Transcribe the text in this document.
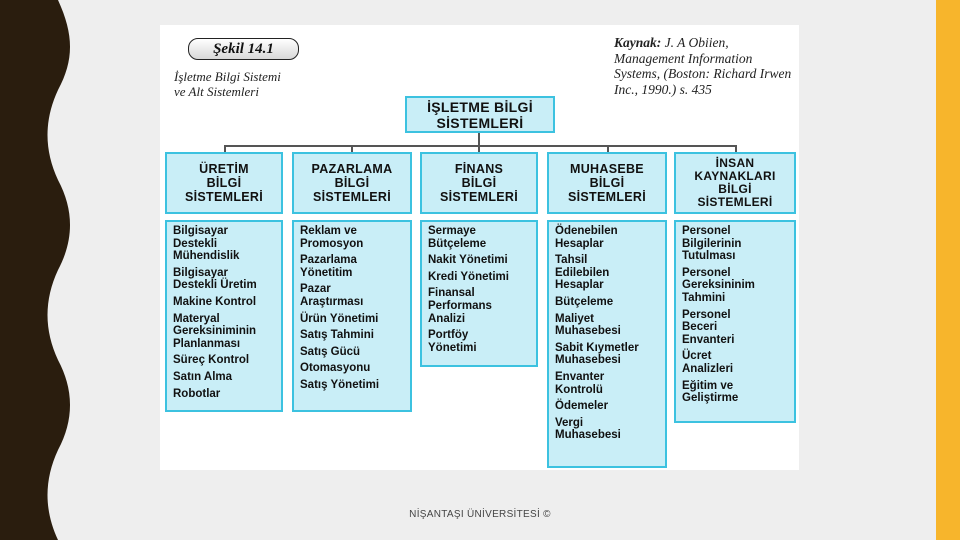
Şekil 14.1
İşletme Bilgi Sistemi
ve Alt Sistemleri
Kaynak: J. A Obiien, Management Information Systems, (Boston: Richard Irwen Inc., 1990.) s. 435
İŞLETME BİLGİ
SİSTEMLERİ
ÜRETİM
BİLGİ
SİSTEMLERİ
Bilgisayar
Destekli
Mühendislik
Bilgisayar
Destekli Üretim
Makine Kontrol
Materyal
Gereksiniminin
Planlanması
Süreç Kontrol
Satın Alma
Robotlar
PAZARLAMA
BİLGİ
SİSTEMLERİ
Reklam ve
Promosyon
Pazarlama
Yönetitim
Pazar
Araştırması
Ürün Yönetimi
Satış Tahmini
Satış Gücü
Otomasyonu
Satış Yönetimi
FİNANS
BİLGİ
SİSTEMLERİ
Sermaye
Bütçeleme
Nakit Yönetimi
Kredi Yönetimi
Finansal
Performans
Analizi
Portföy
Yönetimi
MUHASEBE
BİLGİ
SİSTEMLERİ
Ödenebilen
Hesaplar
Tahsil
Edilebilen
Hesaplar
Bütçeleme
Maliyet
Muhasebesi
Sabit Kıymetler
Muhasebesi
Envanter
Kontrolü
Ödemeler
Vergi
Muhasebesi
İNSAN
KAYNAKLARI
BİLGİ
SİSTEMLERİ
Personel
Bilgilerinin
Tutulması
Personel
Gereksininim
Tahmini
Personel
Beceri
Envanteri
Ücret
Analizleri
Eğitim ve
Geliştirme
NİŞANTAŞI ÜNİVERSİTESİ ©
